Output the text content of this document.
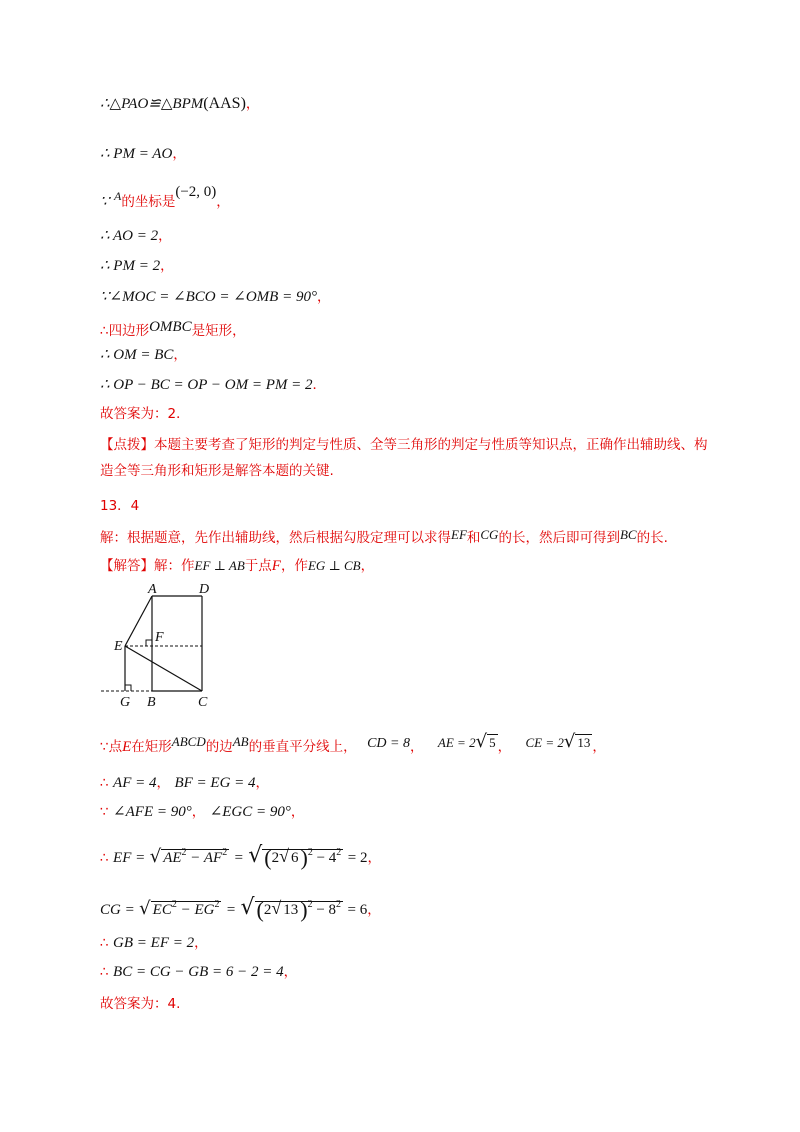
∴△PAO≌△BPM(AAS)，
∴ PM = AO，
∵ A的坐标是(−2, 0)，
∴ AO = 2，
∴ PM = 2，
∵∠MOC = ∠BCO = ∠OMB = 90°，
∴四边形OMBC是矩形，
∴ OM = BC，
∴ OP − BC = OP − OM = PM = 2．
故答案为：2．
【点拨】本题主要考查了矩形的判定与性质、全等三角形的判定与性质等知识点，正确作出辅助线、构造全等三角形和矩形是解答本题的关键.
13．4
解：根据题意，先作出辅助线，然后根据勾股定理可以求得EF和CG的长，然后即可得到BC的长.
【解答】解：作EF ⊥ AB于点F，作EG ⊥ CB，
A	D
E
F
G B	C
∵点E在矩形ABCD的边AB的垂直平分线上， CD = 8， AE = 2√ 5 ， CE = 2√ 13 ，
∴ AF = 4， BF = EG = 4，
∵ ∠AFE = 90°， ∠EGC = 90°，
∴ EF = √ $AE^2 - AF^2 = √(2√$ $6)^2 - 4^2 = 2$，
CG = √ $EC^2 - EG^2 = √(2√$ $13)^2 - 8^2 = 6$，
∴ GB = EF = 2，
∴ BC = CG − GB = 6 − 2 = 4，
故答案为：4.
